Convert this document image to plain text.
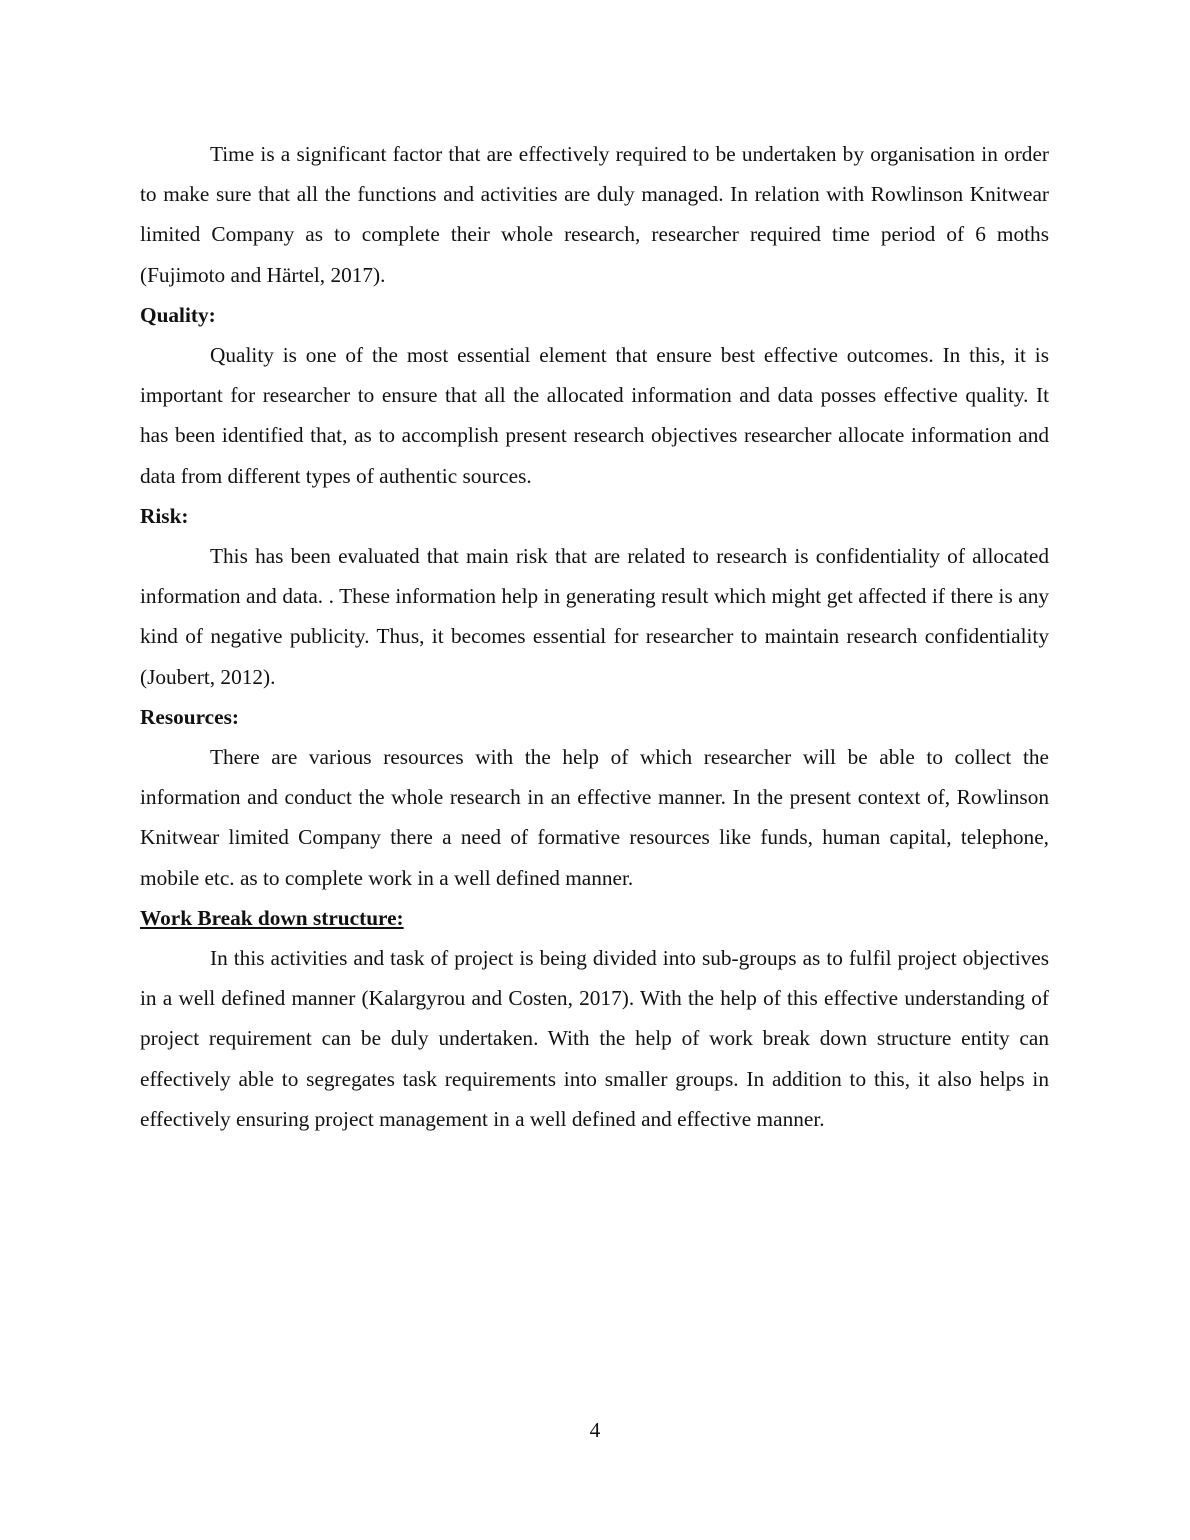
Time is a significant factor that are effectively required to be undertaken by organisation in order to make sure that all the functions and activities are duly managed. In relation with Rowlinson Knitwear limited Company as to complete their whole research, researcher required time period of 6 moths (Fujimoto and Härtel, 2017).

Quality:

Quality is one of the most essential element that ensure best effective outcomes. In this, it is important for researcher to ensure that all the allocated information and data posses effective quality. It has been identified that, as to accomplish present research objectives researcher allocate information and data from different types of authentic sources.

Risk:

This has been evaluated that main risk that are related to research is confidentiality of allocated information and data. . These information help in generating result which might get affected if there is any kind of negative publicity. Thus, it becomes essential for researcher to maintain research confidentiality (Joubert, 2012).

Resources:

There are various resources with the help of which researcher will be able to collect the information and conduct the whole research in an effective manner. In the present context of, Rowlinson Knitwear limited Company there a need of formative resources like funds, human capital, telephone, mobile etc. as to complete work in a well defined manner.

Work Break down structure:

In this activities and task of project is being divided into sub-groups as to fulfil project objectives in a well defined manner (Kalargyrou and Costen, 2017). With the help of this effective understanding of project requirement can be duly undertaken. With the help of work break down structure entity can effectively able to segregates task requirements into smaller groups. In addition to this, it also helps in effectively ensuring project management in a well defined and effective manner.

4
